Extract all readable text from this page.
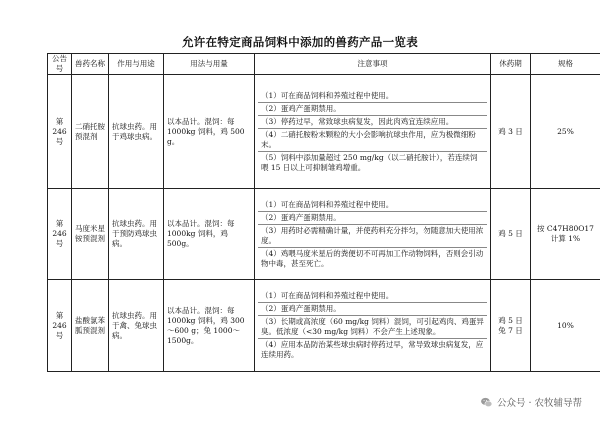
允许在特定商品饲料中添加的兽药产品一览表
公告号	兽药名称	作用与用途	用法与用量	注意事项	休药期	规格
第 246 号	二硝托胺预混剂	抗球虫药。用于鸡球虫病。	以本品计。混饲：每 1000kg 饲料，鸡 500 g。	（1）可在商品饲料和养殖过程中使用。
（2）蛋鸡产蛋期禁用。
（3）停药过早，常致球虫病复发，因此肉鸡宜连续应用。
（4）二硝托胺粉末颗粒的大小会影响抗球虫作用，应为极微细粉末。
（5）饲料中添加量超过 250 mg/kg（以二硝托胺计），若连续饲喂 15 日以上可抑制雏鸡增重。	鸡 3 日	25%
第 246 号	马度米星铵预混剂	抗球虫药。用于预防鸡球虫病。	以本品计。混饲：每 1000kg 饲料，鸡 500g。	（1）可在商品饲料和养殖过程中使用。
（2）蛋鸡产蛋期禁用。
（3）用药时必需精确计量，并使药料充分拌匀，勿随意加大使用浓度。
（4）鸡喂马度米星后的粪便切不可再加工作动物饲料，否则会引动物中毒，甚至死亡。	鸡 5 日	按 C47H80O17 计算 1%
第 246 号	盐酸氯苯胍预混剂	抗球虫药。用于禽、兔球虫病。	以本品计。混饲：每 1000kg 饲料，鸡 300～600 g；兔 1000～1500g。	（1）可在商品饲料和养殖过程中使用。
（2）蛋鸡产蛋期禁用。
（3）长期或高浓度（60 mg/kg 饲料）混饲，可引起鸡肉、鸡蛋异臭。低浓度（<30 mg/kg 饲料）不会产生上述现象。
（4）应用本品防治某些球虫病时停药过早，常导致球虫病复发，应连续用药。	鸡 5 日 兔 7 日	10%
公众号 · 农牧辅导帮
